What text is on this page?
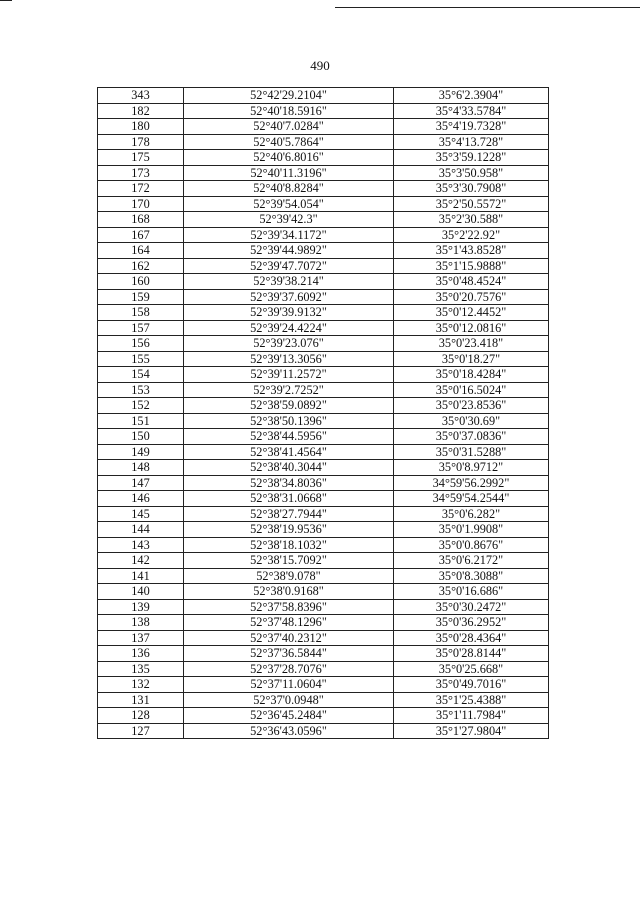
490
343	52°42'29.2104"	35°6'2.3904"
182	52°40'18.5916"	35°4'33.5784"
180	52°40'7.0284"	35°4'19.7328"
178	52°40'5.7864"	35°4'13.728"
175	52°40'6.8016"	35°3'59.1228"
173	52°40'11.3196"	35°3'50.958"
172	52°40'8.8284"	35°3'30.7908"
170	52°39'54.054"	35°2'50.5572"
168	52°39'42.3"	35°2'30.588"
167	52°39'34.1172"	35°2'22.92"
164	52°39'44.9892"	35°1'43.8528"
162	52°39'47.7072"	35°1'15.9888"
160	52°39'38.214"	35°0'48.4524"
159	52°39'37.6092"	35°0'20.7576"
158	52°39'39.9132"	35°0'12.4452"
157	52°39'24.4224"	35°0'12.0816"
156	52°39'23.076"	35°0'23.418"
155	52°39'13.3056"	35°0'18.27"
154	52°39'11.2572"	35°0'18.4284"
153	52°39'2.7252"	35°0'16.5024"
152	52°38'59.0892"	35°0'23.8536"
151	52°38'50.1396"	35°0'30.69"
150	52°38'44.5956"	35°0'37.0836"
149	52°38'41.4564"	35°0'31.5288"
148	52°38'40.3044"	35°0'8.9712"
147	52°38'34.8036"	34°59'56.2992"
146	52°38'31.0668"	34°59'54.2544"
145	52°38'27.7944"	35°0'6.282"
144	52°38'19.9536"	35°0'1.9908"
143	52°38'18.1032"	35°0'0.8676"
142	52°38'15.7092"	35°0'6.2172"
141	52°38'9.078"	35°0'8.3088"
140	52°38'0.9168"	35°0'16.686"
139	52°37'58.8396"	35°0'30.2472"
138	52°37'48.1296"	35°0'36.2952"
137	52°37'40.2312"	35°0'28.4364"
136	52°37'36.5844"	35°0'28.8144"
135	52°37'28.7076"	35°0'25.668"
132	52°37'11.0604"	35°0'49.7016"
131	52°37'0.0948"	35°1'25.4388"
128	52°36'45.2484"	35°1'11.7984"
127	52°36'43.0596"	35°1'27.9804"
